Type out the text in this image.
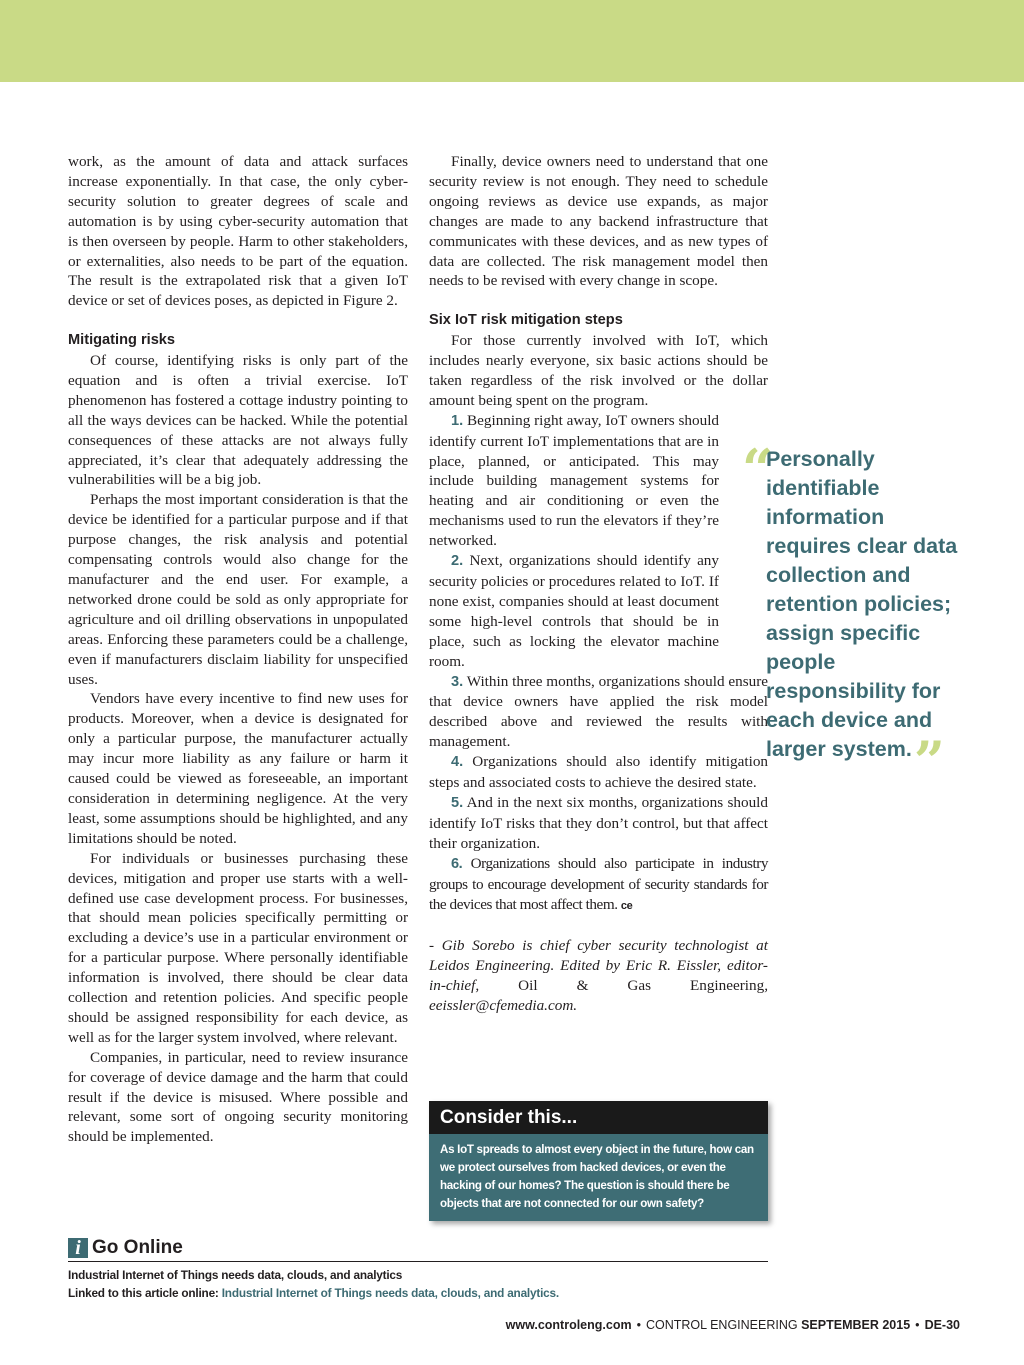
work, as the amount of data and attack surfaces increase exponentially. In that case, the only cyber-security solution to greater degrees of scale and automation is by using cyber-security automation that is then overseen by people. Harm to other stakeholders, or externalities, also needs to be part of the equation. The result is the extrapolated risk that a given IoT device or set of devices poses, as depicted in Figure 2.

Mitigating risks

Of course, identifying risks is only part of the equation and is often a trivial exercise. IoT phenomenon has fostered a cottage industry pointing to all the ways devices can be hacked. While the potential consequences of these attacks are not always fully appreciated, it’s clear that adequately addressing the vulnerabilities will be a big job.

Perhaps the most important consideration is that the device be identified for a particular purpose and if that purpose changes, the risk analysis and potential compensating controls would also change for the manufacturer and the end user. For example, a networked drone could be sold as only appropriate for agriculture and oil drilling observations in unpopulated areas. Enforcing these parameters could be a challenge, even if manufacturers disclaim liability for unspecified uses.

Vendors have every incentive to find new uses for products. Moreover, when a device is designated for only a particular purpose, the manufacturer actually may incur more liability as any failure or harm it caused could be viewed as foreseeable, an important consideration in determining negligence. At the very least, some assumptions should be highlighted, and any limitations should be noted.

For individuals or businesses purchasing these devices, mitigation and proper use starts with a well-defined use case development process. For businesses, that should mean policies specifically permitting or excluding a device’s use in a particular environment or for a particular purpose. Where personally identifiable information is involved, there should be clear data collection and retention policies. And specific people should be assigned responsibility for each device, as well as for the larger system involved, where relevant.

Companies, in particular, need to review insurance for coverage of device damage and the harm that could result if the device is misused. Where possible and relevant, some sort of ongoing security monitoring should be implemented.

Finally, device owners need to understand that one security review is not enough. They need to schedule ongoing reviews as device use expands, as major changes are made to any backend infrastructure that communicates with these devices, and as new types of data are collected. The risk management model then needs to be revised with every change in scope.

Six IoT risk mitigation steps

For those currently involved with IoT, which includes nearly everyone, six basic actions should be taken regardless of the risk involved or the dollar amount being spent on the program.

1. Beginning right away, IoT owners should identify current IoT implementations that are in place, planned, or anticipated. This may include building management systems for heating and air conditioning or even the mechanisms used to run the elevators if they’re networked.

2. Next, organizations should identify any security policies or procedures related to IoT. If none exist, companies should at least document some high-level controls that should be in place, such as locking the elevator machine room.

3. Within three months, organizations should ensure that device owners have applied the risk model described above and reviewed the results with management.

4. Organizations should also identify mitigation steps and associated costs to achieve the desired state.

5. And in the next six months, organizations should identify IoT risks that they don’t control, but that affect their organization.

6. Organizations should also participate in industry groups to encourage development of security standards for the devices that most affect them. ce

- Gib Sorebo is chief cyber security technologist at Leidos Engineering. Edited by Eric R. Eissler, editor-in-chief, Oil & Gas Engineering, eeissler@cfemedia.com.

“
Personally identifiable information requires clear data collection and retention policies; assign specific people responsibility for each device and larger system.”
Consider this...
As IoT spreads to almost every object in the future, how can we protect ourselves from hacked devices, or even the hacking of our homes? The question is should there be objects that are not connected for our own safety?
i Go Online
Industrial Internet of Things needs data, clouds, and analytics
Linked to this article online: Industrial Internet of Things needs data, clouds, and analytics.
www.controleng.com • CONTROL ENGINEERING SEPTEMBER 2015 • DE-30
